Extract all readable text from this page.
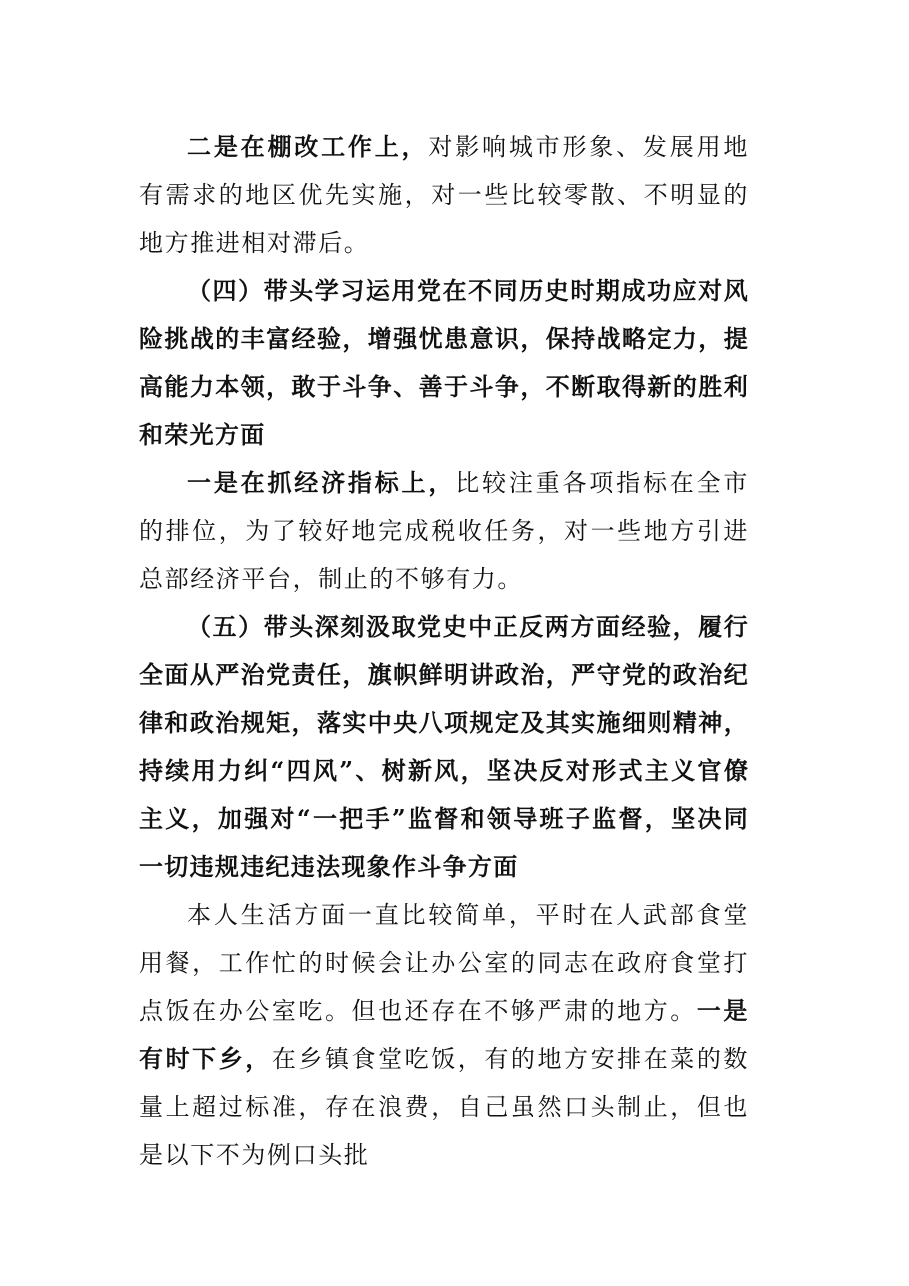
二是在棚改工作上，对影响城市形象、发展用地有需求的地区优先实施，对一些比较零散、不明显的地方推进相对滞后。

（四）带头学习运用党在不同历史时期成功应对风险挑战的丰富经验，增强忧患意识，保持战略定力，提高能力本领，敢于斗争、善于斗争，不断取得新的胜利和荣光方面

一是在抓经济指标上，比较注重各项指标在全市的排位，为了较好地完成税收任务，对一些地方引进总部经济平台，制止的不够有力。

（五）带头深刻汲取党史中正反两方面经验，履行全面从严治党责任，旗帜鲜明讲政治，严守党的政治纪律和政治规矩，落实中央八项规定及其实施细则精神，持续用力纠“四风”、树新风，坚决反对形式主义官僚主义，加强对“一把手”监督和领导班子监督，坚决同一切违规违纪违法现象作斗争方面

本人生活方面一直比较简单，平时在人武部食堂用餐，工作忙的时候会让办公室的同志在政府食堂打点饭在办公室吃。但也还存在不够严肃的地方。一是有时下乡，在乡镇食堂吃饭，有的地方安排在菜的数量上超过标准，存在浪费，自己虽然口头制止，但也是以下不为例口头批
